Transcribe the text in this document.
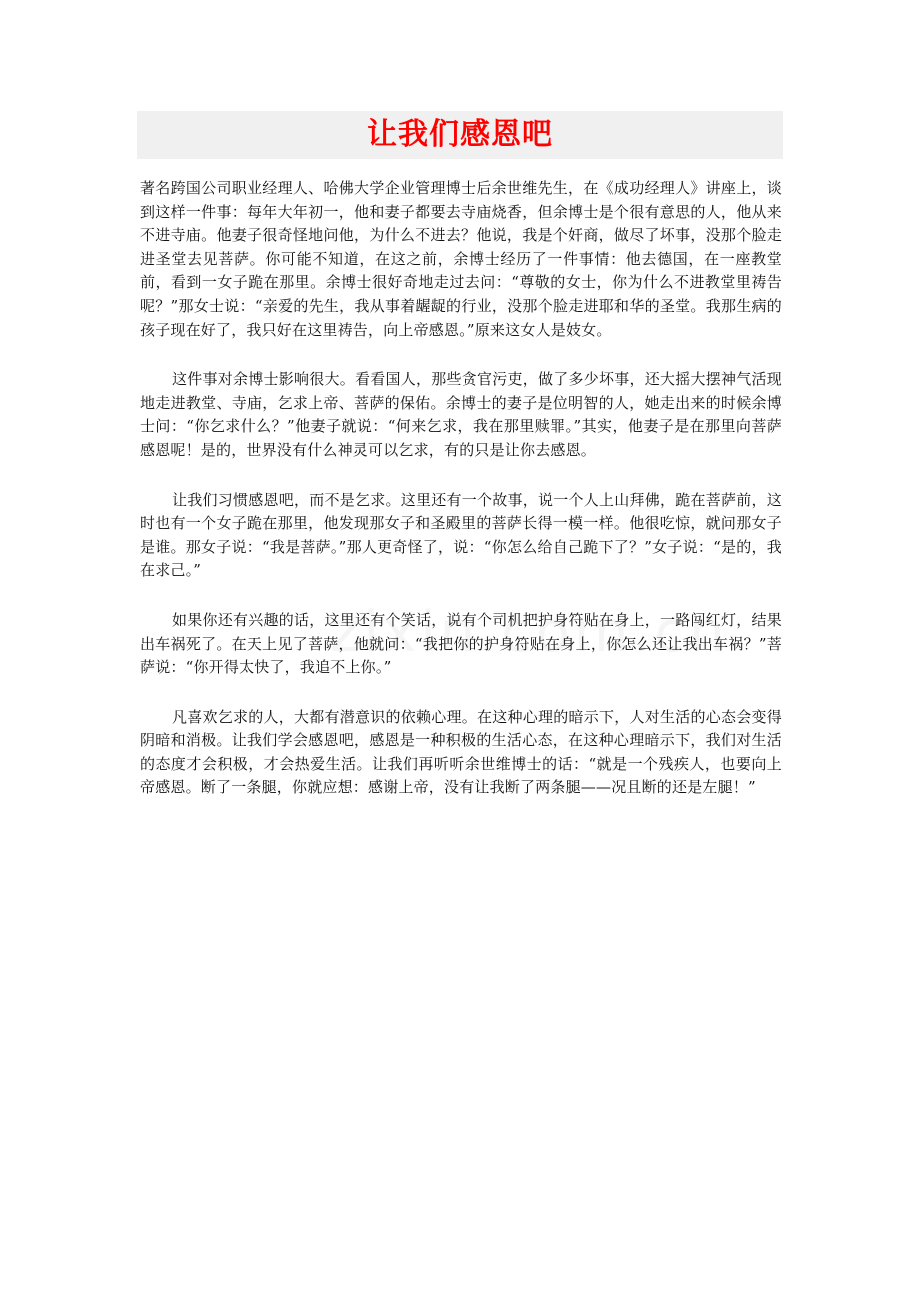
让我们感恩吧

著名跨国公司职业经理人、哈佛大学企业管理博士后余世维先生，在《成功经理人》讲座上，谈到这样一件事：每年大年初一，他和妻子都要去寺庙烧香，但余博士是个很有意思的人，他从来不进寺庙。他妻子很奇怪地问他，为什么不进去？他说，我是个奸商，做尽了坏事，没那个脸走进圣堂去见菩萨。你可能不知道，在这之前，余博士经历了一件事情：他去德国，在一座教堂前，看到一女子跪在那里。余博士很好奇地走过去问：“尊敬的女士，你为什么不进教堂里祷告呢？”那女士说：“亲爱的先生，我从事着龌龊的行业，没那个脸走进耶和华的圣堂。我那生病的孩子现在好了，我只好在这里祷告，向上帝感恩。”原来这女人是妓女。

这件事对余博士影响很大。看看国人，那些贪官污吏，做了多少坏事，还大摇大摆神气活现地走进教堂、寺庙，乞求上帝、菩萨的保佑。余博士的妻子是位明智的人，她走出来的时候余博士问：“你乞求什么？”他妻子就说：“何来乞求，我在那里赎罪。”其实，他妻子是在那里向菩萨感恩呢！是的，世界没有什么神灵可以乞求，有的只是让你去感恩。

让我们习惯感恩吧，而不是乞求。这里还有一个故事，说一个人上山拜佛，跪在菩萨前，这时也有一个女子跪在那里，他发现那女子和圣殿里的菩萨长得一模一样。他很吃惊，就问那女子是谁。那女子说：“我是菩萨。”那人更奇怪了，说：“你怎么给自己跪下了？”女子说：“是的，我在求己。”

如果你还有兴趣的话，这里还有个笑话，说有个司机把护身符贴在身上，一路闯红灯，结果出车祸死了。在天上见了菩萨，他就问：“我把你的护身符贴在身上，你怎么还让我出车祸？”菩萨说：“你开得太快了，我追不上你。”

凡喜欢乞求的人，大都有潜意识的依赖心理。在这种心理的暗示下，人对生活的心态会变得阴暗和消极。让我们学会感恩吧，感恩是一种积极的生活心态，在这种心理暗示下，我们对生活的态度才会积极，才会热爱生活。让我们再听听余世维博士的话：“就是一个残疾人，也要向上帝感恩。断了一条腿，你就应想：感谢上帝，没有让我断了两条腿——况且断的还是左腿！”
